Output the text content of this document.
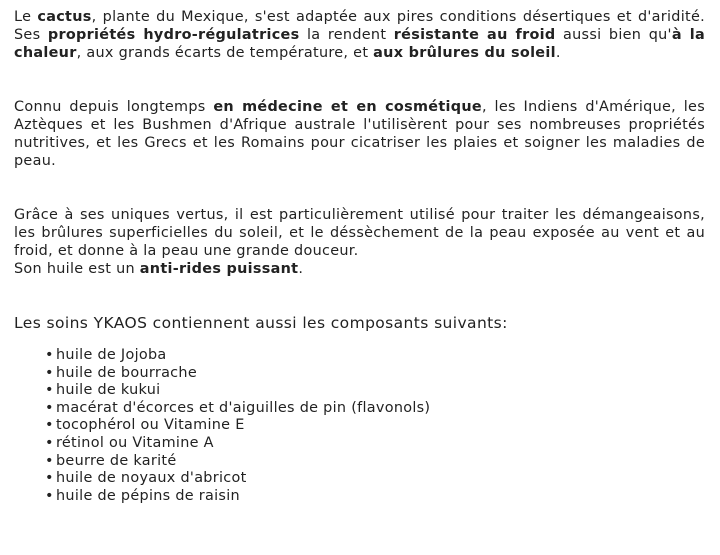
Le cactus, plante du Mexique, s'est adaptée aux pires conditions désertiques et d'aridité. Ses propriétés hydro-régulatrices la rendent résistante au froid aussi bien qu'à la chaleur, aux grands écarts de température, et aux brûlures du soleil.

Connu depuis longtemps en médecine et en cosmétique, les Indiens d'Amérique, les Aztèques et les Bushmen d'Afrique australe l'utilisèrent pour ses nombreuses propriétés nutritives, et les Grecs et les Romains pour cicatriser les plaies et soigner les maladies de peau.

Grâce à ses uniques vertus, il est particulièrement utilisé pour traiter les démangeaisons, les brûlures superficielles du soleil, et le déssèchement de la peau exposée au vent et au froid, et donne à la peau une grande douceur.

Son huile est un anti-rides puissant.

Les soins YKAOS contiennent aussi les composants suivants:

• huile de Jojoba
• huile de bourrache
• huile de kukui
• macérat d'écorces et d'aiguilles de pin (flavonols)
• tocophérol ou Vitamine E
• rétinol ou Vitamine A
• beurre de karité
• huile de noyaux d'abricot
• huile de pépins de raisin
